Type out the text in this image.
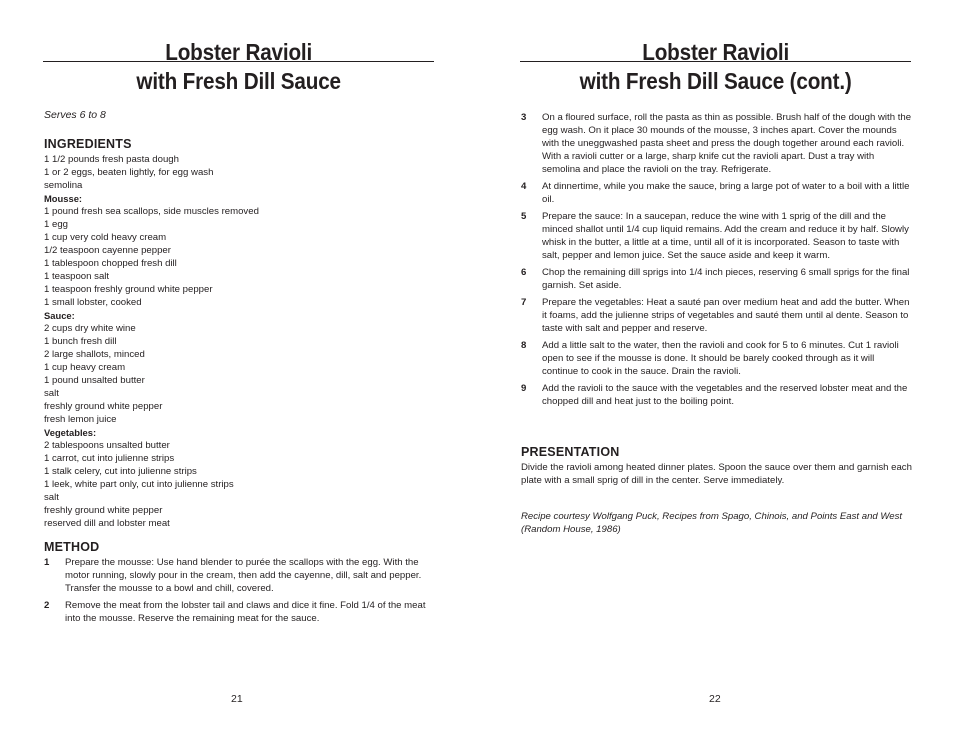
Lobster Ravioli
with Fresh Dill Sauce
Serves 6 to 8
INGREDIENTS
1 1/2 pounds fresh pasta dough
1 or 2 eggs, beaten lightly, for egg wash
semolina
Mousse:
1 pound fresh sea scallops, side muscles removed
1 egg
1 cup very cold heavy cream
1/2 teaspoon cayenne pepper
1 tablespoon chopped fresh dill
1 teaspoon salt
1 teaspoon freshly ground white pepper
1 small lobster, cooked
Sauce:
2 cups dry white wine
1 bunch fresh dill
2 large shallots, minced
1 cup heavy cream
1 pound unsalted butter
salt
freshly ground white pepper
fresh lemon juice
Vegetables:
2 tablespoons unsalted butter
1 carrot, cut into julienne strips
1 stalk celery, cut into julienne strips
1 leek, white part only, cut into julienne strips
salt
freshly ground white pepper
reserved dill and lobster meat
METHOD
1 Prepare the mousse: Use hand blender to purée the scallops with the egg. With the motor running, slowly pour in the cream, then add the cayenne, dill, salt and pepper. Transfer the mousse to a bowl and chill, covered.
2 Remove the meat from the lobster tail and claws and dice it fine. Fold 1/4 of the meat into the mousse. Reserve the remaining meat for the sauce.
21
Lobster Ravioli
with Fresh Dill Sauce (cont.)
3 On a floured surface, roll the pasta as thin as possible. Brush half of the dough with the egg wash. On it place 30 mounds of the mousse, 3 inches apart. Cover the mounds with the uneggwashed pasta sheet and press the dough together around each ravioli. With a ravioli cutter or a large, sharp knife cut the ravioli apart. Dust a tray with semolina and place the ravioli on the tray. Refrigerate.
4 At dinnertime, while you make the sauce, bring a large pot of water to a boil with a little oil.
5 Prepare the sauce: In a saucepan, reduce the wine with 1 sprig of the dill and the minced shallot until 1/4 cup liquid remains. Add the cream and reduce it by half. Slowly whisk in the butter, a little at a time, until all of it is incorporated. Season to taste with salt, pepper and lemon juice. Set the sauce aside and keep it warm.
6 Chop the remaining dill sprigs into 1/4 inch pieces, reserving 6 small sprigs for the final garnish. Set aside.
7 Prepare the vegetables: Heat a sauté pan over medium heat and add the butter. When it foams, add the julienne strips of vegetables and sauté them until al dente. Season to taste with salt and pepper and reserve.
8 Add a little salt to the water, then the ravioli and cook for 5 to 6 minutes. Cut 1 ravioli open to see if the mousse is done. It should be barely cooked through as it will continue to cook in the sauce. Drain the ravioli.
9 Add the ravioli to the sauce with the vegetables and the reserved lobster meat and the chopped dill and heat just to the boiling point.
PRESENTATION
Divide the ravioli among heated dinner plates. Spoon the sauce over them and garnish each plate with a small sprig of dill in the center. Serve immediately.
Recipe courtesy Wolfgang Puck, Recipes from Spago, Chinois, and Points East and West (Random House, 1986)
22
